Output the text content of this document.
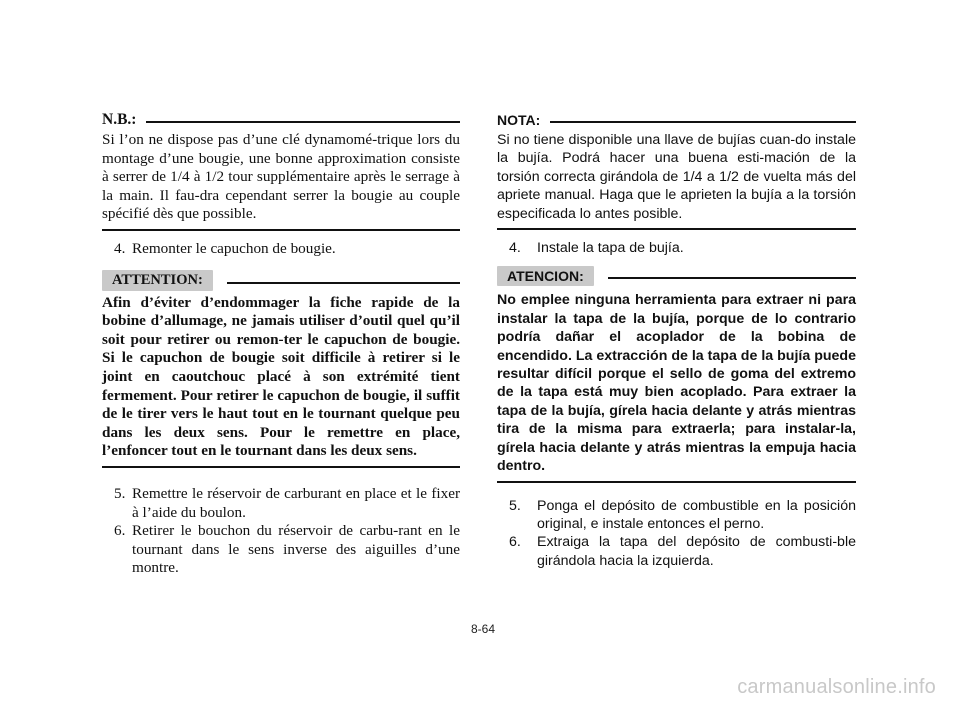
N.B.:

Si l’on ne dispose pas d’une clé dynamomé-trique lors du montage d’une bougie, une bonne approximation consiste à serrer de 1/4 à 1/2 tour supplémentaire après le serrage à la main. Il fau-dra cependant serrer la bougie au couple spécifié dès que possible.

4. Remonter le capuchon de bougie.
ATTENTION:

Afin d’éviter d’endommager la fiche rapide de la bobine d’allumage, ne jamais utiliser d’outil quel qu’il soit pour retirer ou remon-ter le capuchon de bougie. Si le capuchon de bougie soit difficile à retirer si le joint en caoutchouc placé à son extrémité tient fermement. Pour retirer le capuchon de bougie, il suffit de le tirer vers le haut tout en le tournant quelque peu dans les deux sens. Pour le remettre en place, l’enfoncer tout en le tournant dans les deux sens.

5. Remettre le réservoir de carburant en place et le fixer à l’aide du boulon.
6. Retirer le bouchon du réservoir de carbu-rant en le tournant dans le sens inverse des aiguilles d’une montre.
NOTA:

Si no tiene disponible una llave de bujías cuan-do instale la bujía. Podrá hacer una buena esti-mación de la torsión correcta girándola de 1/4 a 1/2 de vuelta más del apriete manual. Haga que le aprieten la bujía a la torsión especificada lo antes posible.

4.	Instale la tapa de bujía.
ATENCION:

No emplee ninguna herramienta para extraer ni para instalar la tapa de la bujía, porque de lo contrario podría dañar el acoplador de la bobina de encendido. La extracción de la tapa de la bujía puede resultar difícil porque el sello de goma del extremo de la tapa está muy bien acoplado. Para extraer la tapa de la bujía, gírela hacia delante y atrás mientras tira de la misma para extraerla; para instalar-la, gírela hacia delante y atrás mientras la empuja hacia dentro.

5.	Ponga el depósito de combustible en la posición original, e instale entonces el perno.
6.	Extraiga la tapa del depósito de combusti-ble girándola hacia la izquierda.
8-64
carmanualsonline.info
